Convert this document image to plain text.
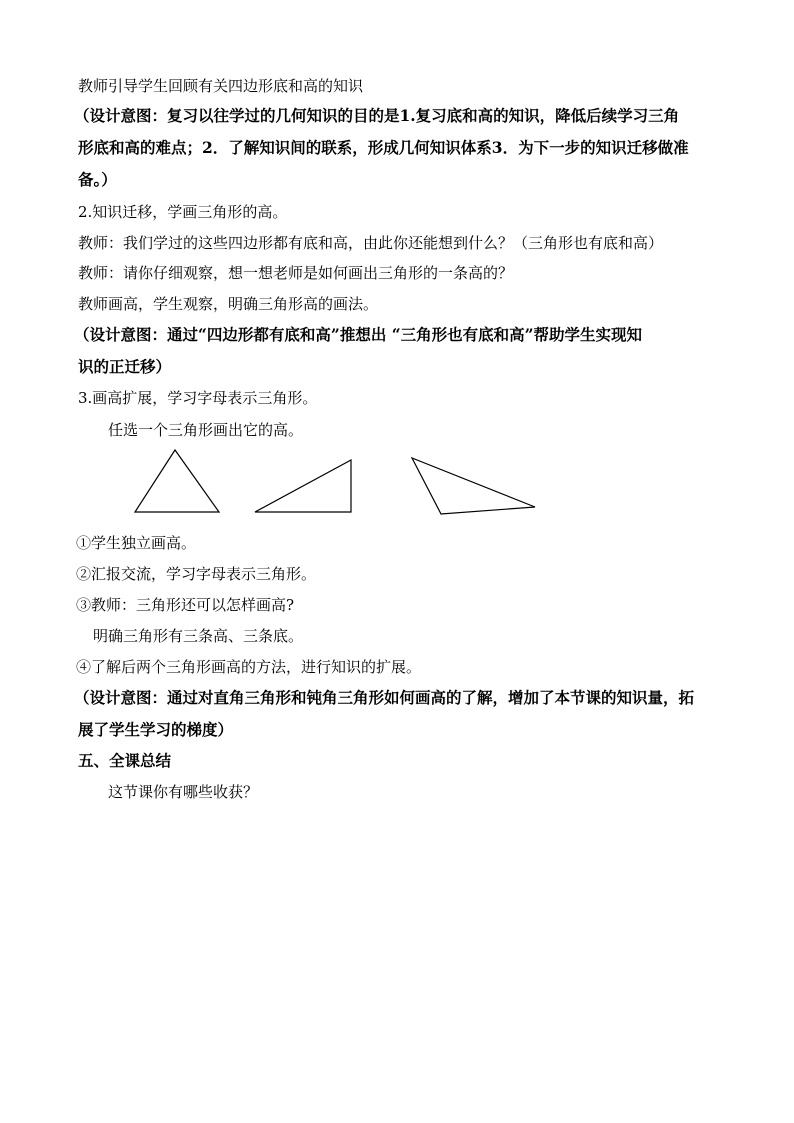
教师引导学生回顾有关四边形底和高的知识
（设计意图：复习以往学过的几何知识的目的是1.复习底和高的知识，降低后续学习三角
形底和高的难点；2．了解知识间的联系，形成几何知识体系3．为下一步的知识迁移做准
备。）
2.知识迁移，学画三角形的高。
教师：我们学过的这些四边形都有底和高，由此你还能想到什么？（三角形也有底和高）
教师：请你仔细观察，想一想老师是如何画出三角形的一条高的？
教师画高，学生观察，明确三角形高的画法。
（设计意图：通过“四边形都有底和高”推想出 “三角形也有底和高”帮助学生实现知
识的正迁移）
3.画高扩展，学习字母表示三角形。
任选一个三角形画出它的高。
①学生独立画高。
②汇报交流，学习字母表示三角形。
③教师：三角形还可以怎样画高?
明确三角形有三条高、三条底。
④了解后两个三角形画高的方法，进行知识的扩展。
（设计意图：通过对直角三角形和钝角三角形如何画高的了解，增加了本节课的知识量，拓
展了学生学习的梯度）
五、全课总结
这节课你有哪些收获？
